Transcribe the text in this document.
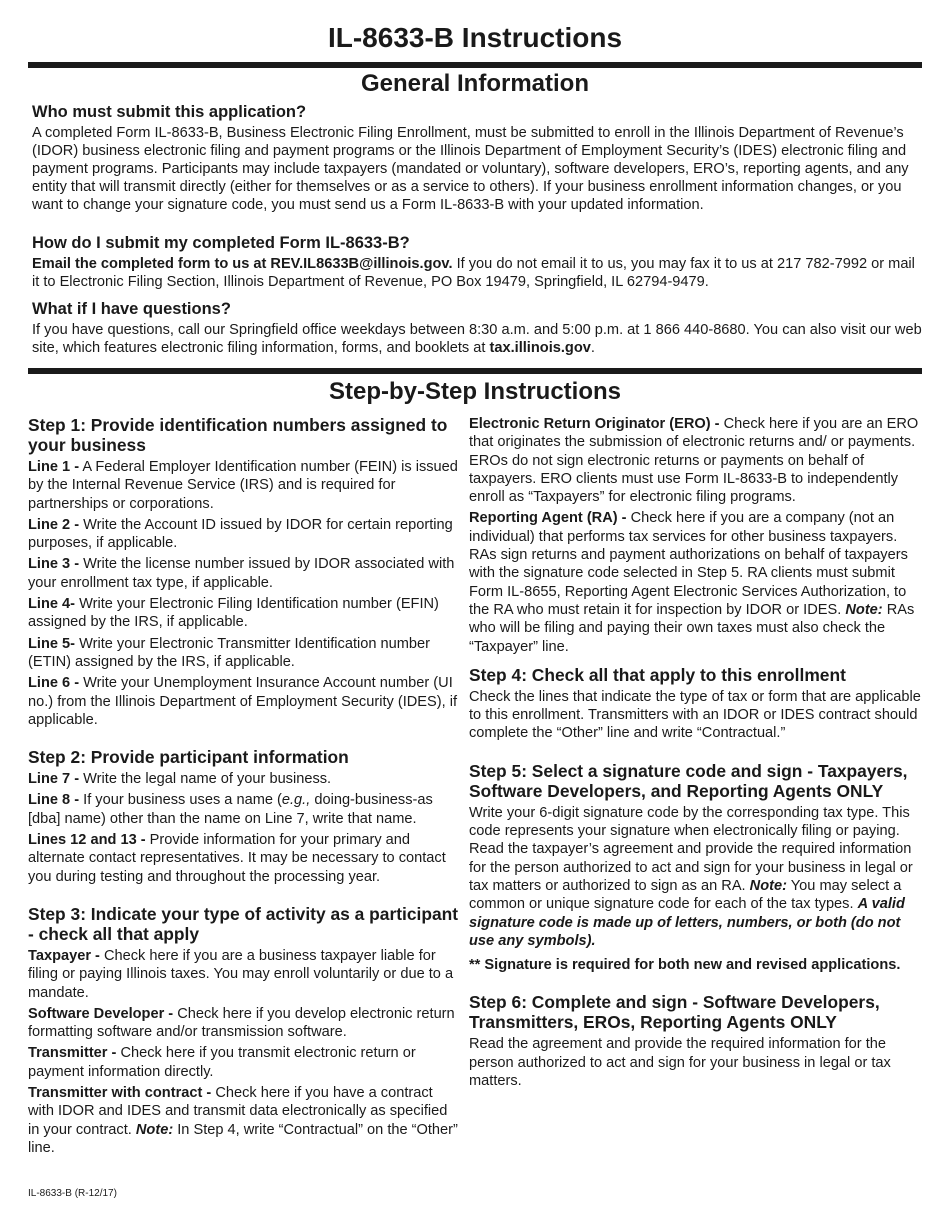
IL-8633-B Instructions
General Information
Who must submit this application?

A completed Form IL-8633-B, Business Electronic Filing Enrollment, must be submitted to enroll in the Illinois Department of Revenue’s (IDOR) business electronic filing and payment programs or the Illinois Department of Employment Security’s (IDES) electronic filing and payment programs. Participants may include taxpayers (mandated or voluntary), software developers, ERO’s, reporting agents, and any entity that will transmit directly (either for themselves or as a service to others). If your business enrollment information changes, or you want to change your signature code, you must send us a Form IL-8633-B with your updated information.

How do I submit my completed Form IL-8633-B?

Email the completed form to us at REV.IL8633B@illinois.gov. If you do not email it to us, you may fax it to us at 217 782-7992 or mail it to Electronic Filing Section, Illinois Department of Revenue, PO Box 19479, Springfield, IL 62794-9479.

What if I have questions?

If you have questions, call our Springfield office weekdays between 8:30 a.m. and 5:00 p.m. at 1 866 440-8680. You can also visit our web site, which features electronic filing information, forms, and booklets at tax.illinois.gov.

Step-by-Step Instructions
Step 1: Provide identification numbers assigned to your business

Line 1 - A Federal Employer Identification number (FEIN) is issued by the Internal Revenue Service (IRS) and is required for partnerships or corporations.

Line 2 - Write the Account ID issued by IDOR for certain reporting purposes, if applicable.

Line 3 - Write the license number issued by IDOR associated with your enrollment tax type, if applicable.

Line 4- Write your Electronic Filing Identification number (EFIN) assigned by the IRS, if applicable.

Line 5- Write your Electronic Transmitter Identification number (ETIN) assigned by the IRS, if applicable.

Line 6 - Write your Unemployment Insurance Account number (UI no.) from the Illinois Department of Employment Security (IDES), if applicable.

Step 2: Provide participant information

Line 7 - Write the legal name of your business.

Line 8 - If your business uses a name (e.g., doing-business-as [dba] name) other than the name on Line 7, write that name.

Lines 12 and 13 - Provide information for your primary and alternate contact representatives. It may be necessary to contact you during testing and throughout the processing year.

Step 3: Indicate your type of activity as a participant - check all that apply

Taxpayer - Check here if you are a business taxpayer liable for filing or paying Illinois taxes. You may enroll voluntarily or due to a mandate.

Software Developer - Check here if you develop electronic return formatting software and/or transmission software.

Transmitter - Check here if you transmit electronic return or payment information directly.

Transmitter with contract - Check here if you have a contract with IDOR and IDES and transmit data electronically as specified in your contract. Note: In Step 4, write “Contractual” on the “Other” line.

Electronic Return Originator (ERO) - Check here if you are an ERO that originates the submission of electronic returns and/ or payments. EROs do not sign electronic returns or payments on behalf of taxpayers. ERO clients must use Form IL-8633-B to independently enroll as “Taxpayers” for electronic filing programs.

Reporting Agent (RA) - Check here if you are a company (not an individual) that performs tax services for other business taxpayers. RAs sign returns and payment authorizations on behalf of taxpayers with the signature code selected in Step 5. RA clients must submit Form IL-8655, Reporting Agent Electronic Services Authorization, to the RA who must retain it for inspection by IDOR or IDES. Note: RAs who will be filing and paying their own taxes must also check the “Taxpayer” line.

Step 4: Check all that apply to this enrollment

Check the lines that indicate the type of tax or form that are applicable to this enrollment. Transmitters with an IDOR or IDES contract should complete the “Other” line and write “Contractual.”

Step 5: Select a signature code and sign - Taxpayers, Software Developers, and Reporting Agents ONLY

Write your 6-digit signature code by the corresponding tax type. This code represents your signature when electronically filing or paying. Read the taxpayer’s agreement and provide the required information for the person authorized to act and sign for your business in legal or tax matters or authorized to sign as an RA. Note: You may select a common or unique signature code for each of the tax types. A valid signature code is made up of letters, numbers, or both (do not use any symbols).

** Signature is required for both new and revised applications.

Step 6: Complete and sign - Software Developers, Transmitters, EROs, Reporting Agents ONLY

Read the agreement and provide the required information for the person authorized to act and sign for your business in legal or tax matters.

IL-8633-B (R-12/17)
